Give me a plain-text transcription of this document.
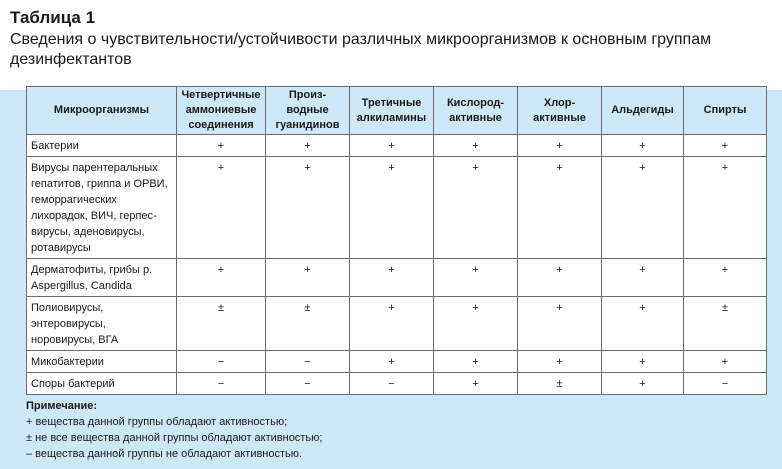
Таблица 1
Сведения о чувствительности/устойчивости различных микроорганизмов к основным группам дезинфектантов
Микроорганизмы	Четвертичные аммониевые соединения	Произ-водные гуанидинов	Третичные алкиламины	Кислород-активные	Хлор-активные	Альдегиды	Спирты
Бактерии	+	+	+	+	+	+	+
Вирусы парентеральных гепатитов, гриппа и ОРВИ, геморрагических лихорадок, ВИЧ, герпес-вирусы, аденовирусы, ротавирусы	+	+	+	+	+	+	+
Дерматофиты, грибы р. Aspergillus, Candida	+	+	+	+	+	+	+
Полиовирусы, энтеровирусы, норовирусы, ВГА	±	±	+	+	+	+	±
Микобактерии	−	−	+	+	+	+	+
Споры бактерий	−	−	−	+	±	+	−
Примечание:
+ вещества данной группы обладают активностью;
± не все вещества данной группы обладают активностью;
– вещества данной группы не обладают активностью.
